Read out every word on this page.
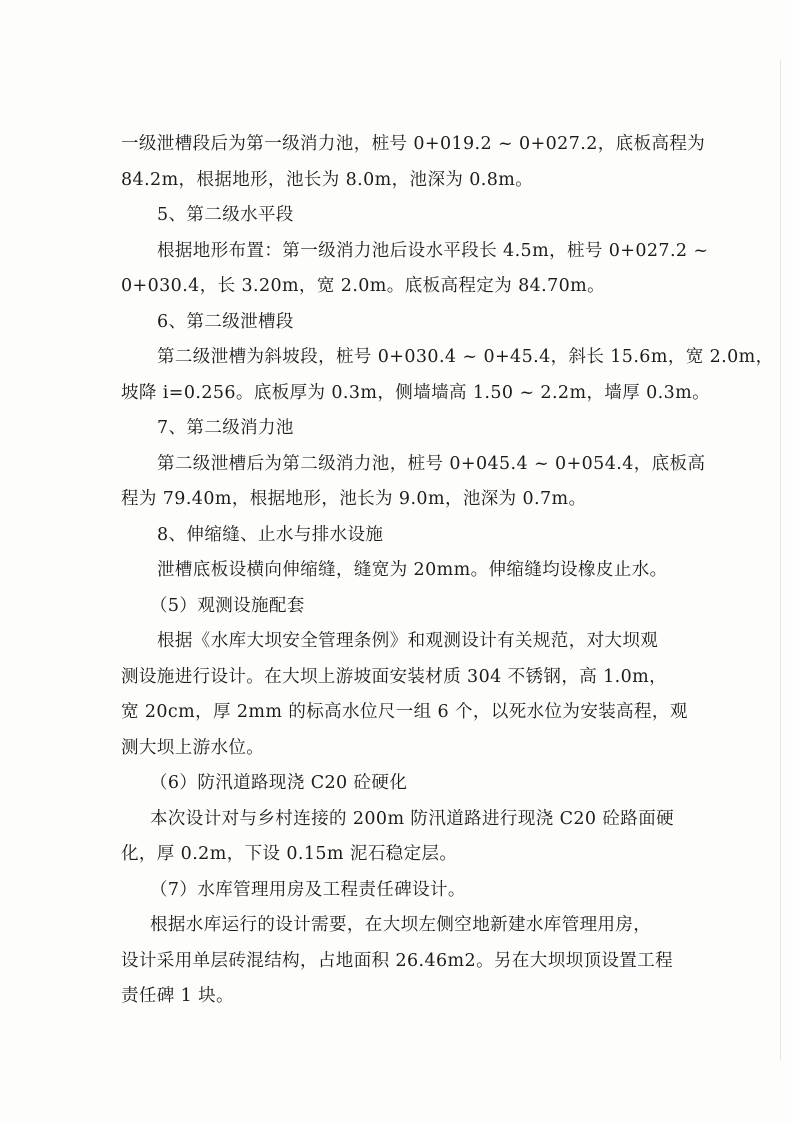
一级泄槽段后为第一级消力池，桩号 0+019.2 ~ 0+027.2，底板高程为
84.2m，根据地形，池长为 8.0m，池深为 0.8m。
5、第二级水平段
根据地形布置：第一级消力池后设水平段长 4.5m，桩号 0+027.2 ~
0+030.4，长 3.20m，宽 2.0m。底板高程定为 84.70m。
6、第二级泄槽段
第二级泄槽为斜坡段，桩号 0+030.4 ~ 0+45.4，斜长 15.6m，宽 2.0m，
坡降 i=0.256。底板厚为 0.3m，侧墙墙高 1.50 ~ 2.2m，墙厚 0.3m。
7、第二级消力池
第二级泄槽后为第二级消力池，桩号 0+045.4 ~ 0+054.4，底板高
程为 79.40m，根据地形，池长为 9.0m，池深为 0.7m。
8、伸缩缝、止水与排水设施
泄槽底板设横向伸缩缝，缝宽为 20mm。伸缩缝均设橡皮止水。
（5）观测设施配套
根据《水库大坝安全管理条例》和观测设计有关规范，对大坝观
测设施进行设计。在大坝上游坡面安装材质 304 不锈钢，高 1.0m，
宽 20cm，厚 2mm 的标高水位尺一组 6 个，以死水位为安装高程，观
测大坝上游水位。
（6）防汛道路现浇 C20 砼硬化
本次设计对与乡村连接的 200m 防汛道路进行现浇 C20 砼路面硬
化，厚 0.2m，下设 0.15m 泥石稳定层。
（7）水库管理用房及工程责任碑设计。
根据水库运行的设计需要，在大坝左侧空地新建水库管理用房，
设计采用单层砖混结构，占地面积 26.46m2。另在大坝坝顶设置工程
责任碑 1 块。
